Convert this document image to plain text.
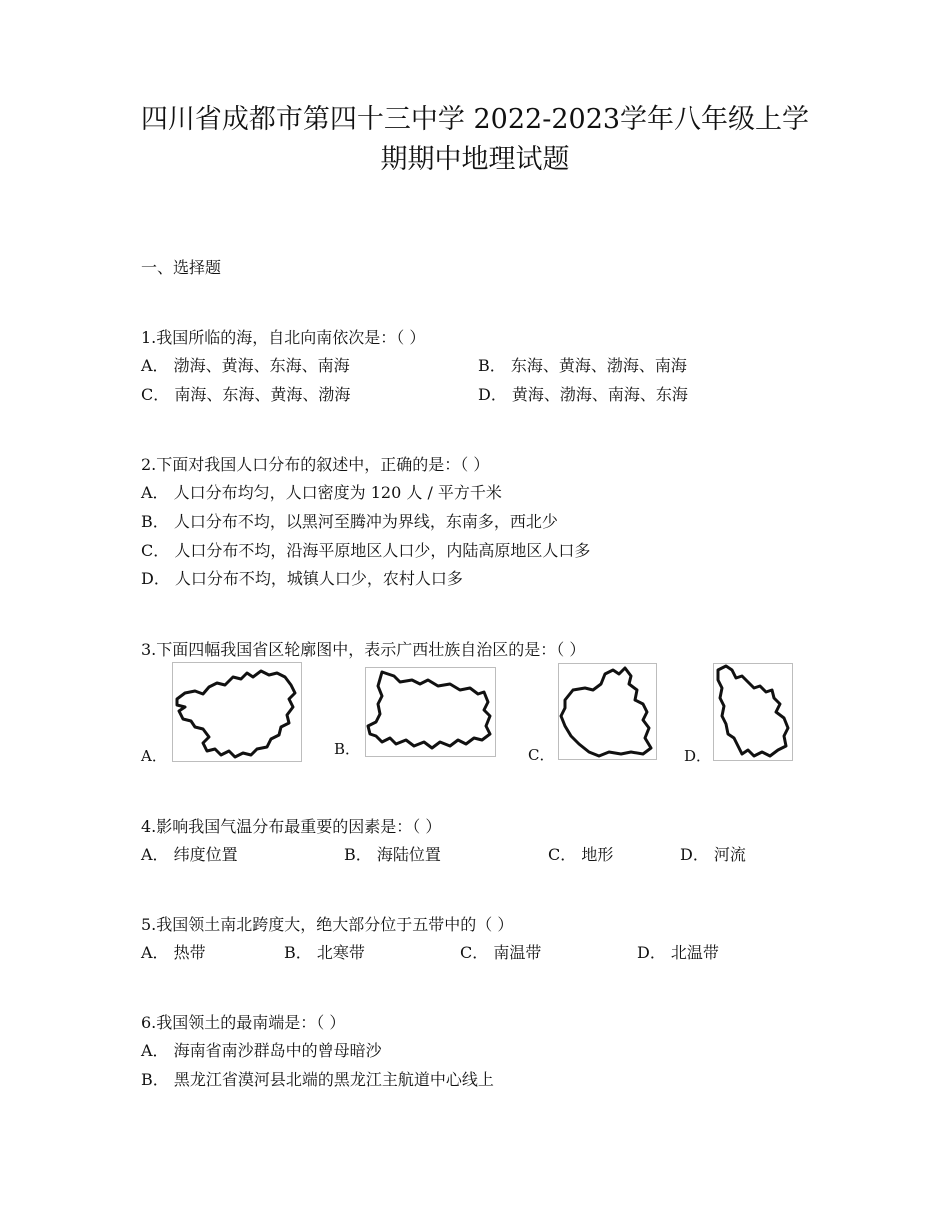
四川省成都市第四十三中学 2022-2023学年八年级上学
期期中地理试题
一、选择题
1.我国所临的海，自北向南依次是：（ ）
A． 渤海、黄海、东海、南海	B． 东海、黄海、渤海、南海
C． 南海、东海、黄海、渤海	D． 黄海、渤海、南海、东海
2.下面对我国人口分布的叙述中，正确的是：（ ）
A． 人口分布均匀，人口密度为 120 人 / 平方千米
B． 人口分布不均，以黑河至腾冲为界线，东南多，西北少
C． 人口分布不均，沿海平原地区人口少，内陆高原地区人口多
D． 人口分布不均，城镇人口少，农村人口多
3.下面四幅我国省区轮廓图中，表示广西壮族自治区的是：（ ）
A．	B．	C．	D．
4.影响我国气温分布最重要的因素是：（ ）
A． 纬度位置	B． 海陆位置	C． 地形	D． 河流
5.我国领土南北跨度大，绝大部分位于五带中的（ ）
A． 热带	B． 北寒带	C． 南温带	D． 北温带
6.我国领土的最南端是：（ ）
A． 海南省南沙群岛中的曾母暗沙
B． 黑龙江省漠河县北端的黑龙江主航道中心线上
